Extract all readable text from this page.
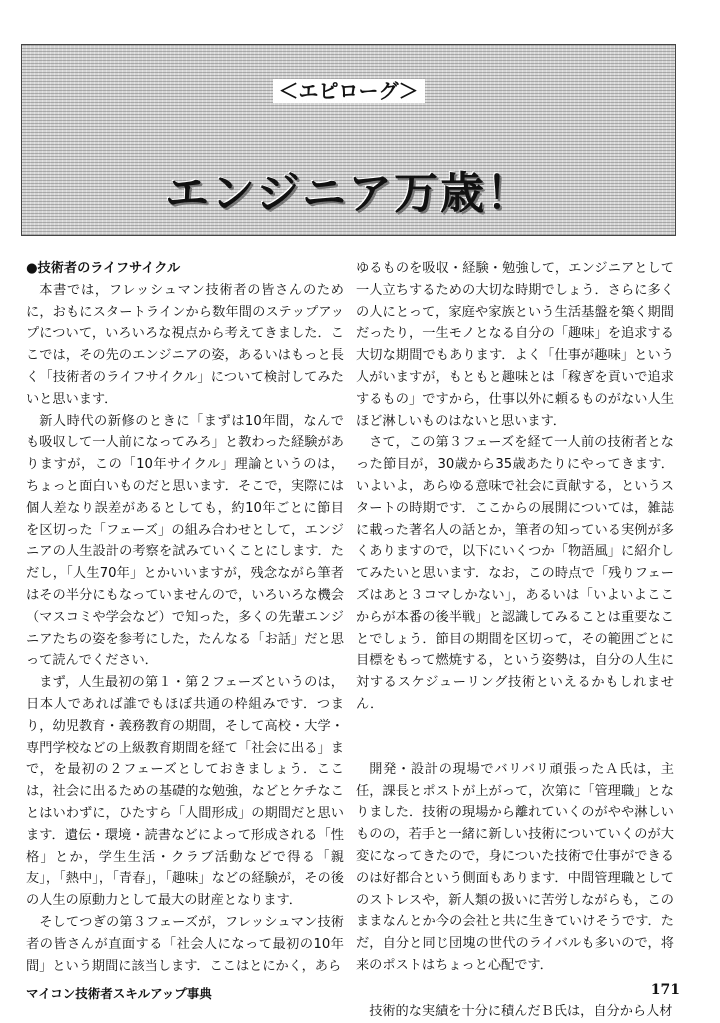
＜エピローグ＞
エンジニア万歳！

●技術者のライフサイクル

本書では，フレッシュマン技術者の皆さんのために，おもにスタートラインから数年間のステップアップについて，いろいろな視点から考えてきました．ここでは，その先のエンジニアの姿，あるいはもっと長く「技術者のライフサイクル」について検討してみたいと思います．

新人時代の新修のときに「まずは10年間，なんでも吸収して一人前になってみろ」と教わった経験がありますが，この「10年サイクル」理論というのは，ちょっと面白いものだと思います．そこで，実際には個人差なり誤差があるとしても，約10年ごとに節目を区切った「フェーズ」の組み合わせとして，エンジニアの人生設計の考察を試みていくことにします．ただし，「人生70年」とかいいますが，残念ながら筆者はその半分にもなっていませんので，いろいろな機会（マスコミや学会など）で知った，多くの先輩エンジニアたちの姿を参考にした，たんなる「お話」だと思って読んでください．

まず，人生最初の第１・第２フェーズというのは，日本人であれば誰でもほぼ共通の枠組みです．つまり，幼児教育・義務教育の期間，そして高校・大学・専門学校などの上級教育期間を経て「社会に出る」まで，を最初の２フェーズとしておきましょう．ここは，社会に出るための基礎的な勉強，などとケチなことはいわずに，ひたすら「人間形成」の期間だと思います．遺伝・環境・読書などによって形成される「性格」とか，学生生活・クラブ活動などで得る「親友」，「熱中」，「青春」，「趣味」などの経験が，その後の人生の原動力として最大の財産となります．

そしてつぎの第３フェーズが，フレッシュマン技術者の皆さんが直面する「社会人になって最初の10年間」という期間に該当します．ここはとにかく，あら

ゆるものを吸収・経験・勉強して，エンジニアとして一人立ちするための大切な時期でしょう．さらに多くの人にとって，家庭や家族という生活基盤を築く期間だったり，一生モノとなる自分の「趣味」を追求する大切な期間でもあります．よく「仕事が趣味」という人がいますが，もともと趣味とは「稼ぎを貢いで追求するもの」ですから，仕事以外に頼るものがない人生ほど淋しいものはないと思います．

さて，この第３フェーズを経て一人前の技術者となった節目が，30歳から35歳あたりにやってきます．いよいよ，あらゆる意味で社会に貢献する，というスタートの時期です．ここからの展開については，雑誌に載った著名人の話とか，筆者の知っている実例が多くありますので，以下にいくつか「物語風」に紹介してみたいと思います．なお，この時点で「残りフェーズはあと３コマしかない」，あるいは「いよいよここからが本番の後半戦」と認識してみることは重要なことでしょう．節目の期間を区切って，その範囲ごとに目標をもって燃焼する，という姿勢は，自分の人生に対するスケジューリング技術といえるかもしれません．

開発・設計の現場でバリバリ頑張ったＡ氏は，主任，課長とポストが上がって，次第に「管理職」となりました．技術の現場から離れていくのがやや淋しいものの，若手と一緒に新しい技術についていくのが大変になってきたので，身についた技術で仕事ができるのは好都合という側面もあります．中間管理職としてのストレスや，新人類の扱いに苦労しながらも，このままなんとか今の会社と共に生きていけそうです．ただ，自分と同じ団塊の世代のライバルも多いので，将来のポストはちょっと心配です．

技術的な実績を十分に積んだＢ氏は，自分から人材

マイコン技術者スキルアップ事典	171
